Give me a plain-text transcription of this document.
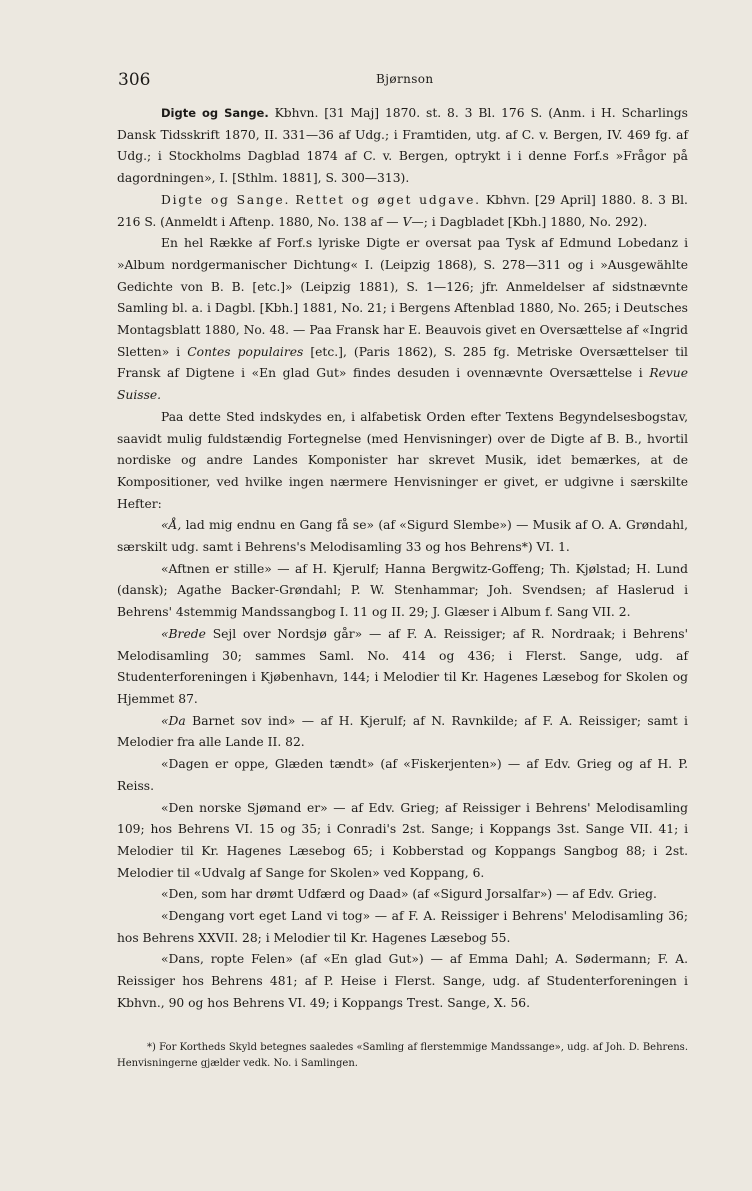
306	Bjørnson

Digte og Sange. Kbhvn. [31 Maj] 1870. st. 8. 3 Bl. 176 S. (Anm. i H. Scharlings Dansk Tidsskrift 1870, II. 331—36 af Udg.; i Framtiden, utg. af C. v. Bergen, IV. 469 fg. af Udg.; i Stockholms Dagblad 1874 af C. v. Bergen, optrykt i i denne Forf.s »Frågor på dagordningen», I. [Sthlm. 1881], S. 300—313).

Digte og Sange. Rettet og øget udgave. Kbhvn. [29 April] 1880. 8. 3 Bl. 216 S. (Anmeldt i Aftenp. 1880, No. 138 af — V—; i Dagbladet [Kbh.] 1880, No. 292).

En hel Række af Forf.s lyriske Digte er oversat paa Tysk af Edmund Lobedanz i »Album nordgermanischer Dichtung« I. (Leipzig 1868), S. 278—311 og i »Ausgewählte Gedichte von B. B. [etc.]» (Leipzig 1881), S. 1—126; jfr. Anmeldelser af sidstnævnte Samling bl. a. i Dagbl. [Kbh.] 1881, No. 21; i Bergens Aftenblad 1880, No. 265; i Deutsches Montagsblatt 1880, No. 48. — Paa Fransk har E. Beauvois givet en Oversættelse af «Ingrid Sletten» i Contes populaires [etc.], (Paris 1862), S. 285 fg. Metriske Oversættelser til Fransk af Digtene i «En glad Gut» findes desuden i ovennævnte Oversættelse i Revue Suisse.

Paa dette Sted indskydes en, i alfabetisk Orden efter Textens Begyndelsesbogstav, saavidt mulig fuldstændig Fortegnelse (med Henvisninger) over de Digte af B. B., hvortil nordiske og andre Landes Komponister har skrevet Musik, idet bemærkes, at de Kompositioner, ved hvilke ingen nærmere Henvisninger er givet, er udgivne i særskilte Hefter:

«Å, lad mig endnu en Gang få se» (af «Sigurd Slembe») — Musik af O. A. Grøndahl, særskilt udg. samt i Behrens's Melodisamling 33 og hos Behrens*) VI. 1.

«Aftnen er stille» — af H. Kjerulf; Hanna Bergwitz-Goffeng; Th. Kjølstad; H. Lund (dansk); Agathe Backer-Grøndahl; P. W. Stenhammar; Joh. Svendsen; af Haslerud i Behrens' 4stemmig Mandssangbog I. 11 og II. 29; J. Glæser i Album f. Sang VII. 2.

«Brede Sejl over Nordsjø går» — af F. A. Reissiger; af R. Nordraak; i Behrens' Melodisamling 30; sammes Saml. No. 414 og 436; i Flerst. Sange, udg. af Studenterforeningen i Kjøbenhavn, 144; i Melodier til Kr. Hagenes Læsebog for Skolen og Hjemmet 87.

«Da Barnet sov ind» — af H. Kjerulf; af N. Ravnkilde; af F. A. Reissiger; samt i Melodier fra alle Lande II. 82.

«Dagen er oppe, Glæden tændt» (af «Fiskerjenten») — af Edv. Grieg og af H. P. Reiss.

«Den norske Sjømand er» — af Edv. Grieg; af Reissiger i Behrens' Melodisamling 109; hos Behrens VI. 15 og 35; i Conradi's 2st. Sange; i Koppangs 3st. Sange VII. 41; i Melodier til Kr. Hagenes Læsebog 65; i Kobberstad og Koppangs Sangbog 88; i 2st. Melodier til «Udvalg af Sange for Skolen» ved Koppang, 6.

«Den, som har drømt Udfærd og Daad» (af «Sigurd Jorsalfar») — af Edv. Grieg.

«Dengang vort eget Land vi tog» — af F. A. Reissiger i Behrens' Melodisamling 36; hos Behrens XXVII. 28; i Melodier til Kr. Hagenes Læsebog 55.

«Dans, ropte Felen» (af «En glad Gut») — af Emma Dahl; A. Sødermann; F. A. Reissiger hos Behrens 481; af P. Heise i Flerst. Sange, udg. af Studenterforeningen i Kbhvn., 90 og hos Behrens VI. 49; i Koppangs Trest. Sange, X. 56.

*) For Kortheds Skyld betegnes saaledes «Samling af flerstemmige Mandssange», udg. af Joh. D. Behrens. Henvisningerne gjælder vedk. No. i Samlingen.
